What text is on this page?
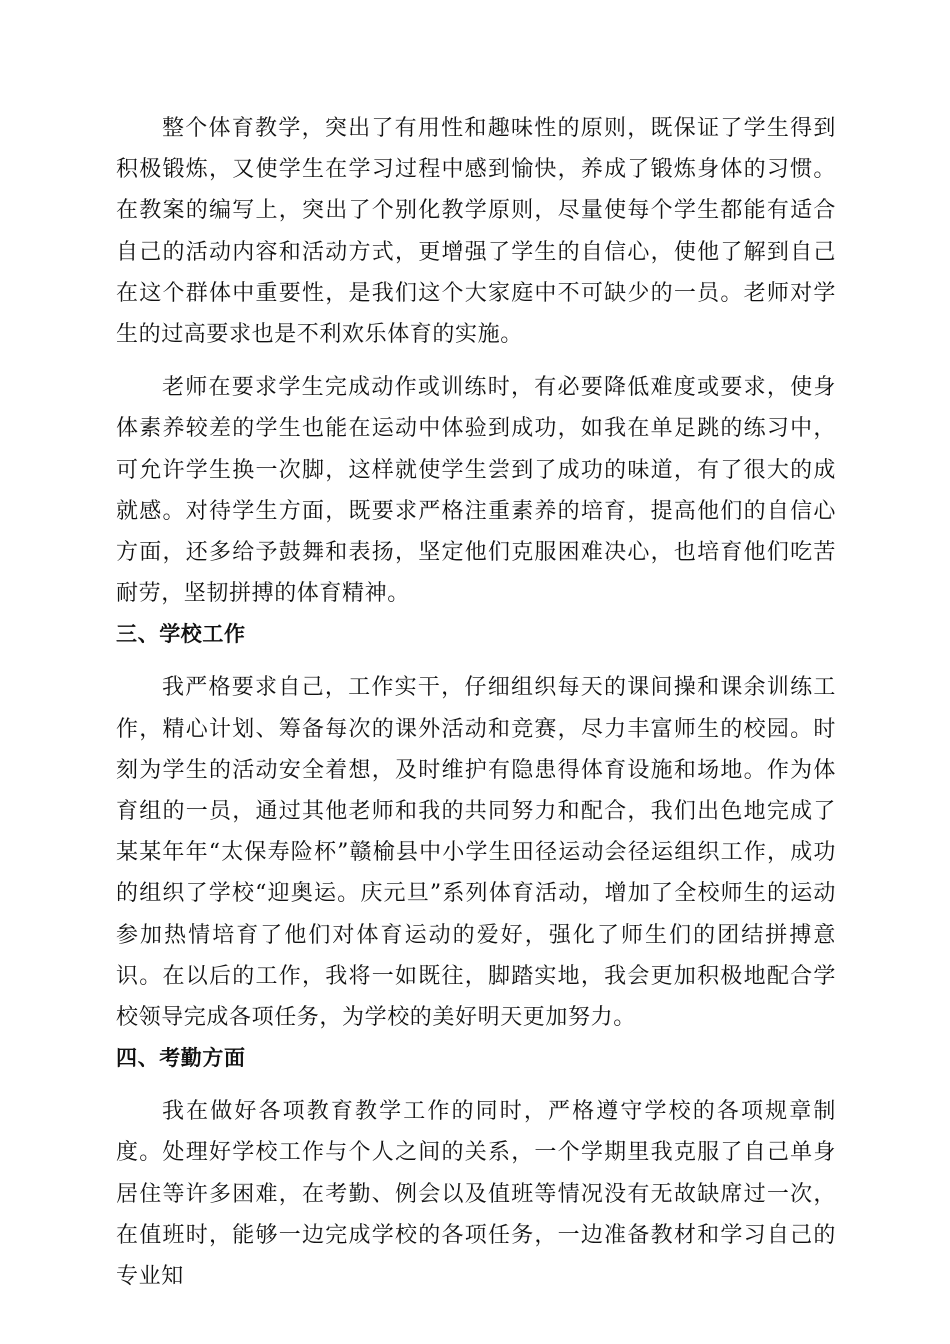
整个体育教学，突出了有用性和趣味性的原则，既保证了学生得到积极锻炼，又使学生在学习过程中感到愉快，养成了锻炼身体的习惯。在教案的编写上，突出了个别化教学原则，尽量使每个学生都能有适合自己的活动内容和活动方式，更增强了学生的自信心，使他了解到自己在这个群体中重要性，是我们这个大家庭中不可缺少的一员。老师对学生的过高要求也是不利欢乐体育的实施。

老师在要求学生完成动作或训练时，有必要降低难度或要求，使身体素养较差的学生也能在运动中体验到成功，如我在单足跳的练习中，可允许学生换一次脚，这样就使学生尝到了成功的味道，有了很大的成就感。对待学生方面，既要求严格注重素养的培育，提高他们的自信心方面，还多给予鼓舞和表扬，坚定他们克服困难决心，也培育他们吃苦耐劳，坚韧拼搏的体育精神。

三、学校工作

我严格要求自己，工作实干，仔细组织每天的课间操和课余训练工作，精心计划、筹备每次的课外活动和竞赛，尽力丰富师生的校园。时刻为学生的活动安全着想，及时维护有隐患得体育设施和场地。作为体育组的一员，通过其他老师和我的共同努力和配合，我们出色地完成了某某年年“太保寿险杯”赣榆县中小学生田径运动会径运组织工作，成功的组织了学校“迎奥运。庆元旦”系列体育活动，增加了全校师生的运动参加热情培育了他们对体育运动的爱好，强化了师生们的团结拼搏意识。在以后的工作，我将一如既往，脚踏实地，我会更加积极地配合学校领导完成各项任务，为学校的美好明天更加努力。

四、考勤方面

我在做好各项教育教学工作的同时，严格遵守学校的各项规章制度。处理好学校工作与个人之间的关系，一个学期里我克服了自己单身居住等许多困难，在考勤、例会以及值班等情况没有无故缺席过一次，在值班时，能够一边完成学校的各项任务，一边准备教材和学习自己的专业知
